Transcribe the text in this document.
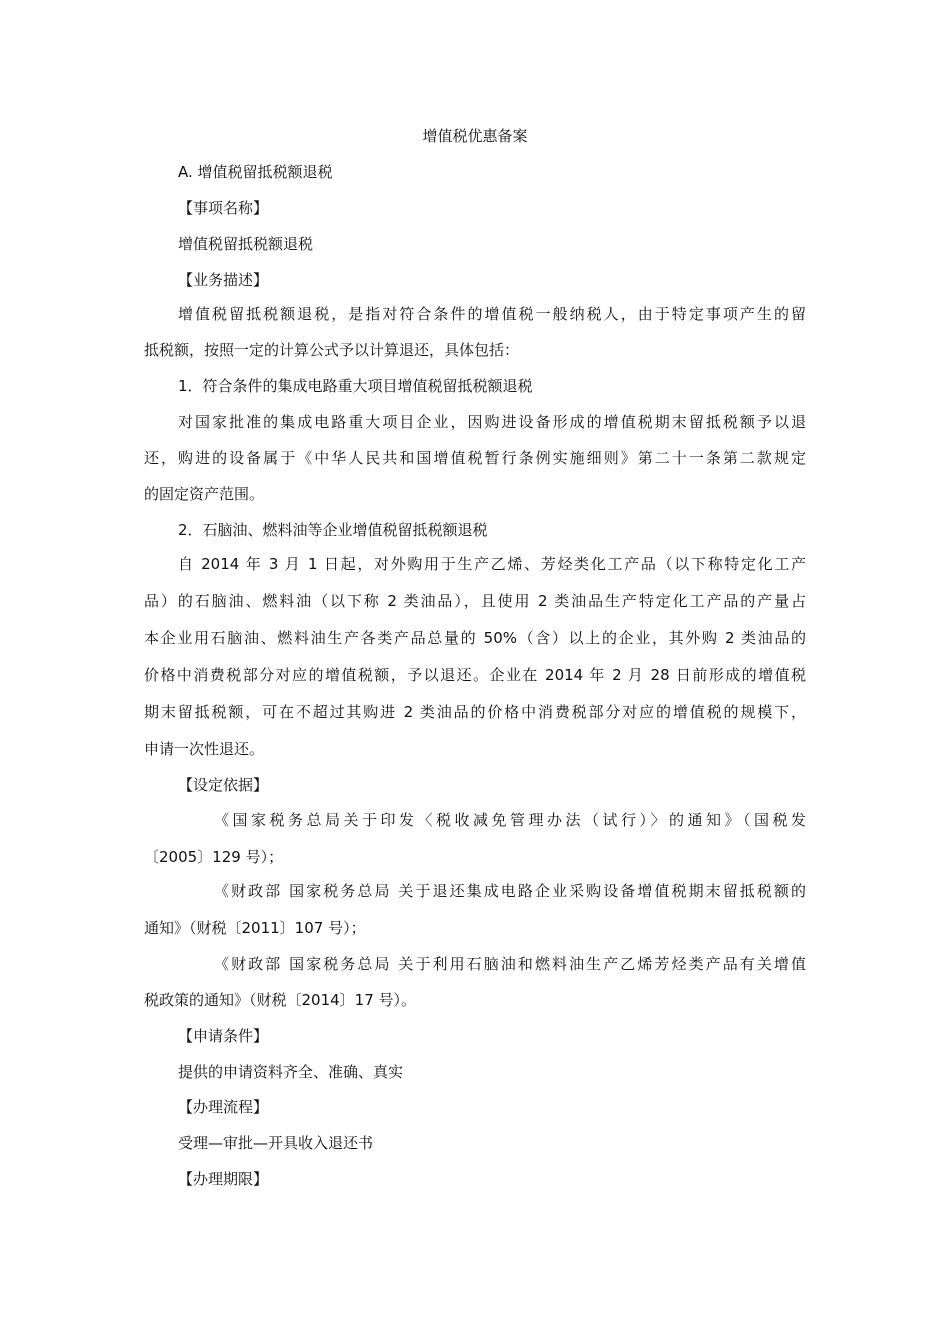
增值税优惠备案
A. 增值税留抵税额退税
【事项名称】
增值税留抵税额退税
【业务描述】
增值税留抵税额退税，是指对符合条件的增值税一般纳税人，由于特定事项产生的留
抵税额，按照一定的计算公式予以计算退还，具体包括：
1．符合条件的集成电路重大项目增值税留抵税额退税
对国家批准的集成电路重大项目企业，因购进设备形成的增值税期末留抵税额予以退
还，购进的设备属于《中华人民共和国增值税暂行条例实施细则》第二十一条第二款规定
的固定资产范围。
2．石脑油、燃料油等企业增值税留抵税额退税
自 2014 年 3 月 1 日起，对外购用于生产乙烯、芳烃类化工产品（以下称特定化工产
品）的石脑油、燃料油（以下称 2 类油品），且使用 2 类油品生产特定化工产品的产量占
本企业用石脑油、燃料油生产各类产品总量的 50%（含）以上的企业，其外购 2 类油品的
价格中消费税部分对应的增值税额，予以退还。企业在 2014 年 2 月 28 日前形成的增值税
期末留抵税额，可在不超过其购进 2 类油品的价格中消费税部分对应的增值税的规模下，
申请一次性退还。
【设定依据】
《国家税务总局关于印发〈税收减免管理办法（试行）〉的通知》（国税发
〔2005〕129 号）；
《财政部 国家税务总局 关于退还集成电路企业采购设备增值税期末留抵税额的
通知》（财税〔2011〕107 号）；
《财政部 国家税务总局 关于利用石脑油和燃料油生产乙烯芳烃类产品有关增值
税政策的通知》（财税〔2014〕17 号）。
【申请条件】
提供的申请资料齐全、准确、真实
【办理流程】
受理—审批—开具收入退还书
【办理期限】
